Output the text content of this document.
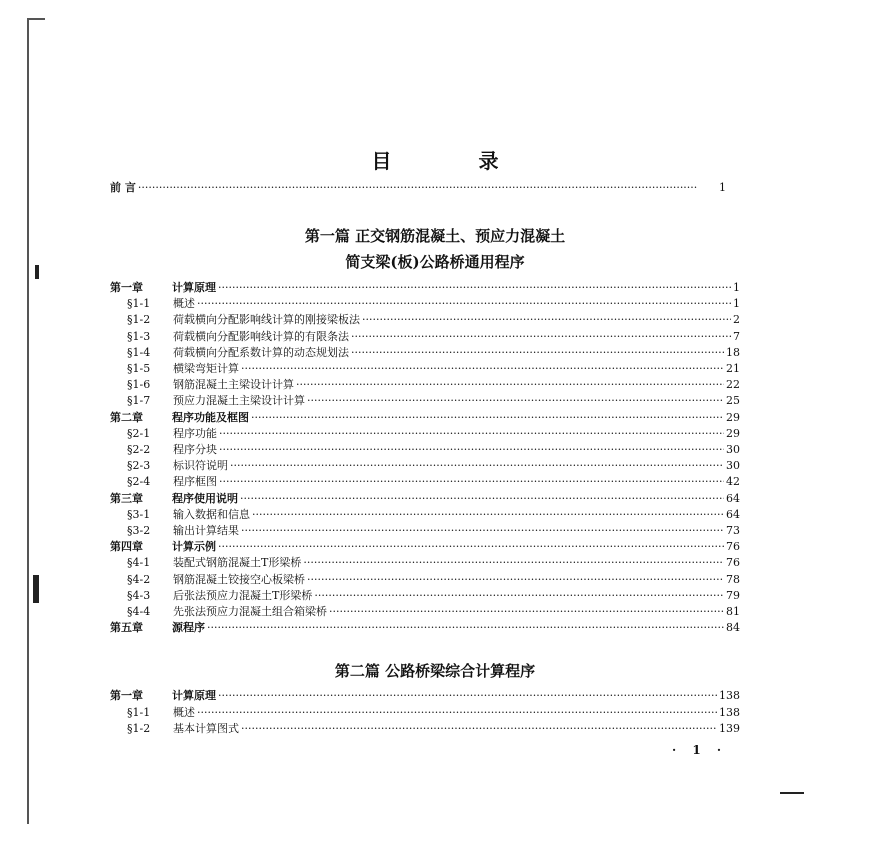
目 录
前 言 ·····	1
第一篇 正交钢筋混凝土、预应力混凝土
简支梁(板)公路桥通用程序
第一章	计算原理 ·····	1
§1-1	概述 ·····	1
§1-2	荷载横向分配影响线计算的刚接梁板法 ·····	2
§1-3	荷载横向分配影响线计算的有限条法 ·····	7
§1-4	荷载横向分配系数计算的动态规划法 ·····	18
§1-5	横梁弯矩计算 ·····	21
§1-6	钢筋混凝土主梁设计计算 ·····	22
§1-7	预应力混凝土主梁设计计算 ·····	25
第二章	程序功能及框图 ·····	29
§2-1	程序功能 ·····	29
§2-2	程序分块 ·····	30
§2-3	标识符说明 ·····	30
§2-4	程序框图 ·····	42
第三章	程序使用说明 ·····	64
§3-1	输入数据和信息 ·····	64
§3-2	输出计算结果 ·····	73
第四章	计算示例 ·····	76
§4-1	装配式钢筋混凝土T形梁桥 ·····	76
§4-2	钢筋混凝土铰接空心板梁桥 ·····	78
§4-3	后张法预应力混凝土T形梁桥 ·····	79
§4-4	先张法预应力混凝土组合箱梁桥 ·····	81
第五章	源程序 ·····	84
第二篇 公路桥梁综合计算程序
第一章	计算原理 ·····	138
§1-1	概述 ·····	138
§1-2	基本计算图式 ·····	139
· 1 ·
